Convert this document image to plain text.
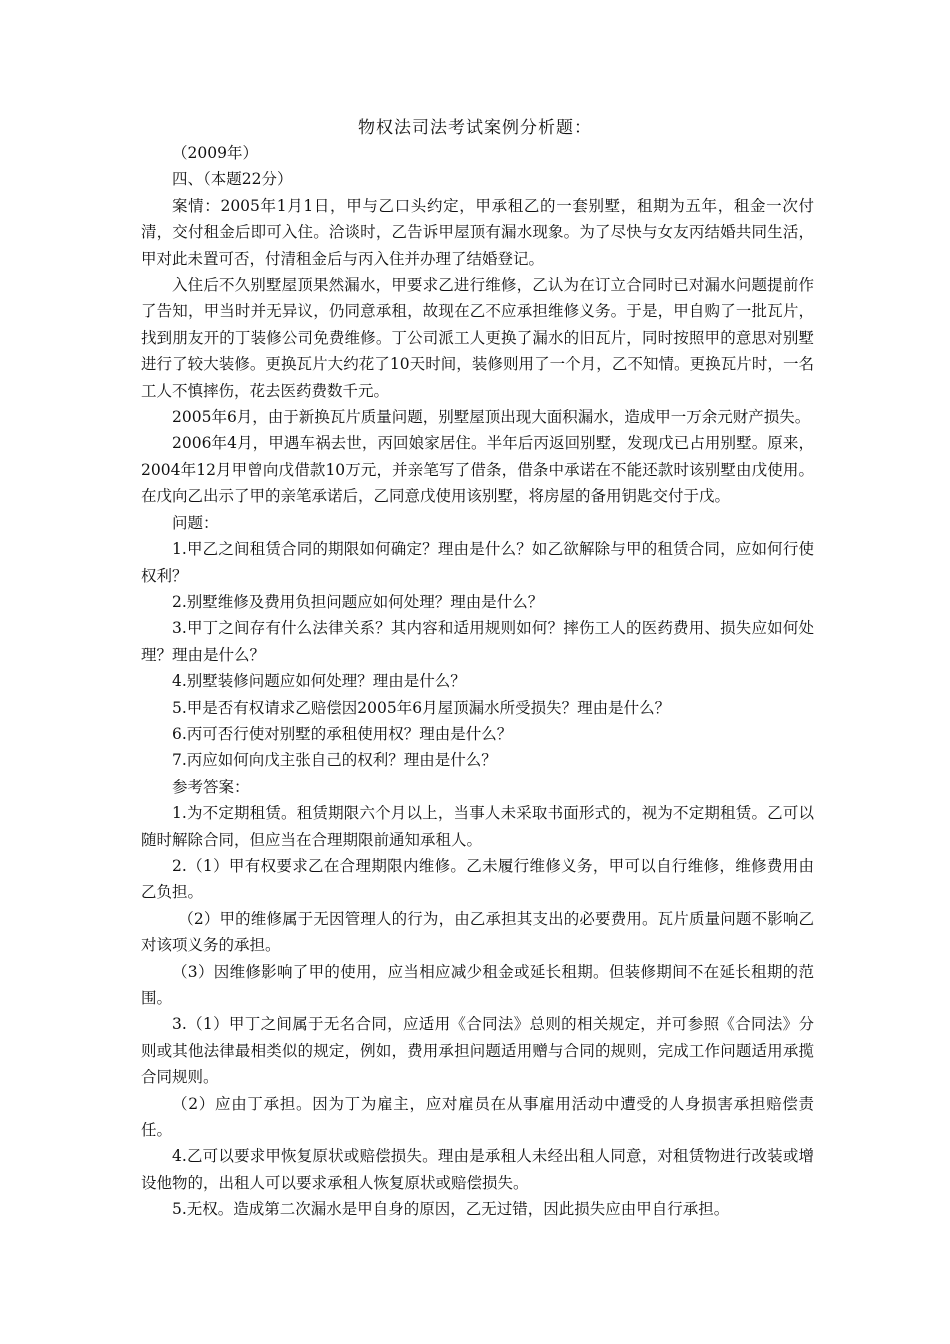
物权法司法考试案例分析题：

（2009年）

四、（本题22分）

案情：2005年1月1日，甲与乙口头约定，甲承租乙的一套别墅，租期为五年，租金一次付清，交付租金后即可入住。洽谈时，乙告诉甲屋顶有漏水现象。为了尽快与女友丙结婚共同生活，甲对此未置可否，付清租金后与丙入住并办理了结婚登记。

入住后不久别墅屋顶果然漏水，甲要求乙进行维修，乙认为在订立合同时已对漏水问题提前作了告知，甲当时并无异议，仍同意承租，故现在乙不应承担维修义务。于是，甲自购了一批瓦片，找到朋友开的丁装修公司免费维修。丁公司派工人更换了漏水的旧瓦片，同时按照甲的意思对别墅进行了较大装修。更换瓦片大约花了10天时间，装修则用了一个月，乙不知情。更换瓦片时，一名工人不慎摔伤，花去医药费数千元。

2005年6月，由于新换瓦片质量问题，别墅屋顶出现大面积漏水，造成甲一万余元财产损失。

2006年4月，甲遇车祸去世，丙回娘家居住。半年后丙返回别墅，发现戊已占用别墅。原来，2004年12月甲曾向戊借款10万元，并亲笔写了借条，借条中承诺在不能还款时该别墅由戊使用。在戊向乙出示了甲的亲笔承诺后，乙同意戊使用该别墅，将房屋的备用钥匙交付于戊。

问题：

1.甲乙之间租赁合同的期限如何确定？理由是什么？如乙欲解除与甲的租赁合同，应如何行使权利？

2.别墅维修及费用负担问题应如何处理？理由是什么？

3.甲丁之间存有什么法律关系？其内容和适用规则如何？摔伤工人的医药费用、损失应如何处理？理由是什么？

4.别墅装修问题应如何处理？理由是什么？

5.甲是否有权请求乙赔偿因2005年6月屋顶漏水所受损失？理由是什么？

6.丙可否行使对别墅的承租使用权？理由是什么？

7.丙应如何向戊主张自己的权利？理由是什么？

参考答案：

1.为不定期租赁。租赁期限六个月以上，当事人未采取书面形式的，视为不定期租赁。乙可以随时解除合同，但应当在合理期限前通知承租人。

2.（1）甲有权要求乙在合理期限内维修。乙未履行维修义务，甲可以自行维修，维修费用由乙负担。

（2）甲的维修属于无因管理人的行为，由乙承担其支出的必要费用。瓦片质量问题不影响乙对该项义务的承担。

（3）因维修影响了甲的使用，应当相应减少租金或延长租期。但装修期间不在延长租期的范围。

3.（1）甲丁之间属于无名合同，应适用《合同法》总则的相关规定，并可参照《合同法》分则或其他法律最相类似的规定，例如，费用承担问题适用赠与合同的规则，完成工作问题适用承揽合同规则。

（2）应由丁承担。因为丁为雇主，应对雇员在从事雇用活动中遭受的人身损害承担赔偿责任。

4.乙可以要求甲恢复原状或赔偿损失。理由是承租人未经出租人同意，对租赁物进行改装或增设他物的，出租人可以要求承租人恢复原状或赔偿损失。

5.无权。造成第二次漏水是甲自身的原因，乙无过错，因此损失应由甲自行承担。
